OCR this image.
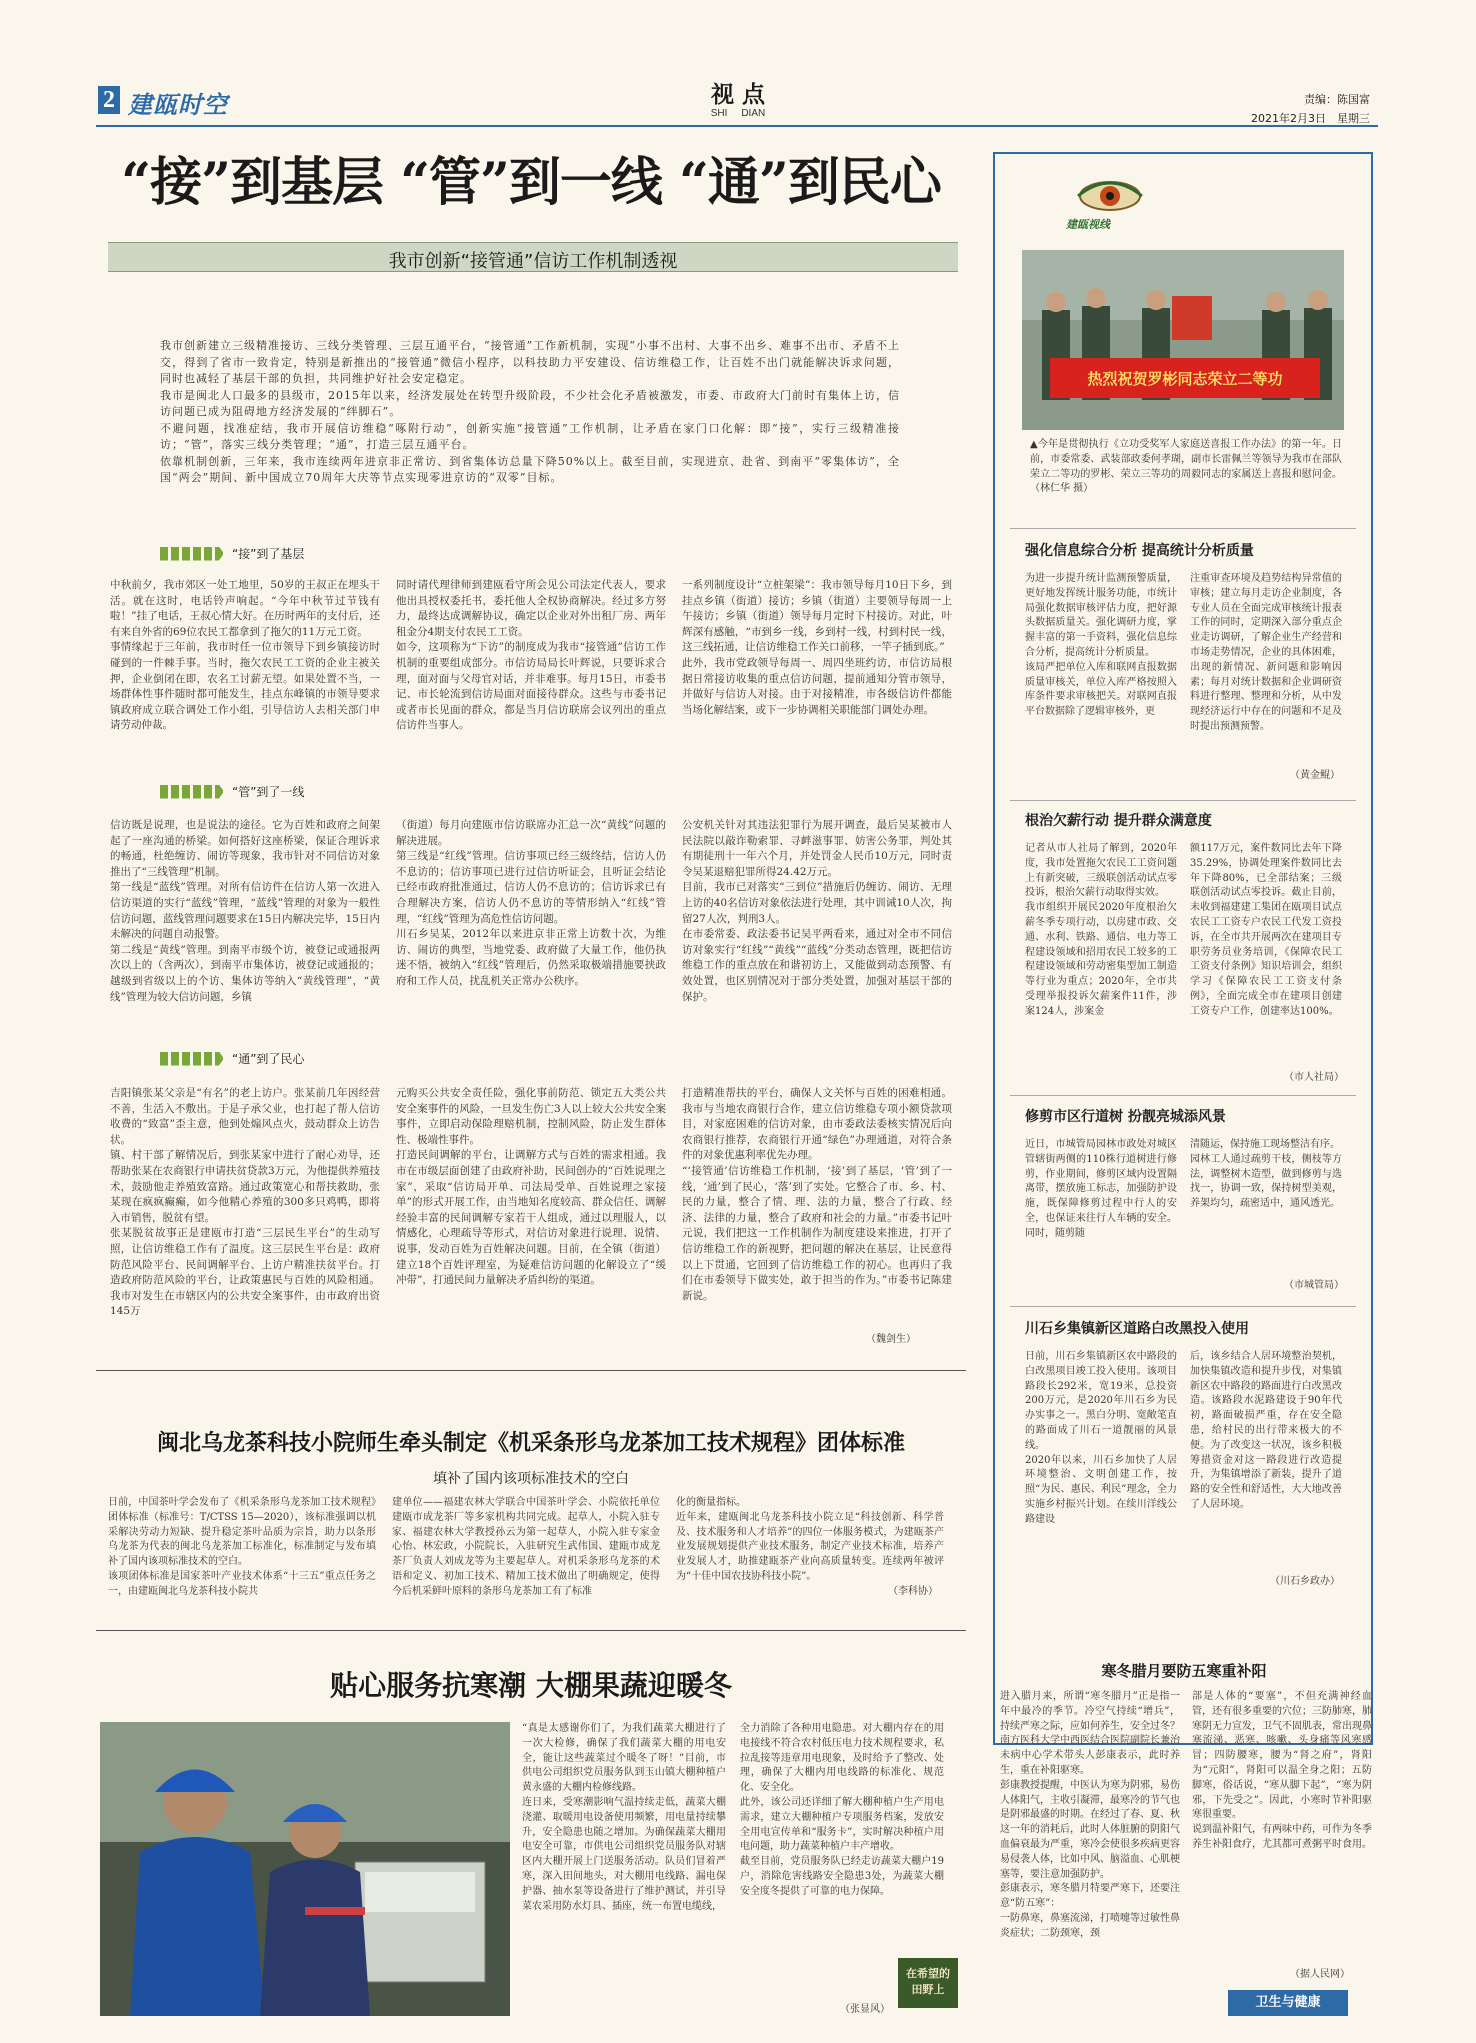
2 建瓯时空	视 点
SHI     DIAN
责编：陈国富
2021年2月3日　星期三
“接”到基层 “管”到一线 “通”到民心
我市创新“接管通”信访工作机制透视
我市创新建立三级精准接访、三线分类管理、三层互通平台，“接管通”工作新机制，实现“小事不出村、大事不出乡、难事不出市、矛盾不上交，得到了省市一致肯定，特别是新推出的“接管通”微信小程序，以科技助力平安建设、信访维稳工作，让百姓不出门就能解决诉求问题，同时也减轻了基层干部的负担，共同维护好社会安定稳定。
我市是闽北人口最多的县级市，2015年以来，经济发展处在转型升级阶段，不少社会化矛盾被激发，市委、市政府大门前时有集体上访，信访问题已成为阻碍地方经济发展的“绊脚石”。
不避问题，找准症结，我市开展信访维稳“啄附行动”，创新实施“接管通”工作机制，让矛盾在家门口化解：即“接”，实行三级精准接访；“管”，落实三线分类管理；“通”，打造三层互通平台。
依靠机制创新，三年来，我市连续两年进京非正常访、到省集体访总量下降50%以上。截至目前，实现进京、赴省、到南平“零集体访”，全国“两会”期间、新中国成立70周年大庆等节点实现零进京访的“双零”目标。
“接”到了基层
中秋前夕，我市郊区一处工地里，50岁的王叔正在埋头干活。就在这时，电话铃声响起。“今年中秋节过节钱有啦！”挂了电话，王叔心情大好。在历时两年的支付后，还有来自外省的69位农民工都拿到了拖欠的11万元工资。
事情缘起于三年前，我市时任一位市领导下到乡镇接访时碰到的一件棘手事。当时，拖欠农民工工资的企业主被关押，企业倒闭在即，农名工讨薪无望。如果处置不当，一场群体性事件随时都可能发生，挂点东峰镇的市领导要求镇政府成立联合调处工作小组，引导信访人去相关部门申请劳动仲裁。
同时请代理律师到建瓯看守所会见公司法定代表人，要求他出具授权委托书，委托他人全权协商解决。经过多方努力，最终达成调解协议，确定以企业对外出租厂房、两年租金分4期支付农民工工资。
如今，这项称为“下访”的制度成为我市“接管通”信访工作机制的重要组成部分。市信访局局长叶辉说，只要诉求合理，面对面与父母官对话，并非难事。每月15日，市委书记、市长轮流到信访局面对面接待群众。这些与市委书记或者市长见面的群众，都是当月信访联席会议列出的重点信访件当事人。
一系列制度设计“立桩架梁”：我市领导每月10日下乡，到挂点乡镇（街道）接访；乡镇（街道）主要领导每周一上午接访；乡镇（街道）领导每月定时下村接访。对此，叶辉深有感触，“市到乡一线，乡到村一线，村到村民一线，这三线拓通，让信访维稳工作关口前移，一竿子插到底。”
此外，我市党政领导每周一、周四坐班约访，市信访局根据日常接访收集的重点信访问题，提前通知分管市领导，并做好与信访人对接。由于对接精准，市各级信访件都能当场化解结案，或下一步协调相关职能部门调处办理。
“管”到了一线
信访既是说理，也是说法的途径。它为百姓和政府之间架起了一座沟通的桥梁。如何搭好这座桥梁，保证合理诉求的畅通，杜绝缠访、闹访等现象，我市针对不同信访对象推出了“三线管理”机制。
第一线是“蓝线”管理。对所有信访件在信访人第一次进入信访渠道的实行“蓝线”管理，“蓝线”管理的对象为一般性信访问题，蓝线管理问题要求在15日内解决完毕，15日内未解决的问题自动报警。
第二线是“黄线”管理。到南平市级个访，被登记或通报两次以上的（含两次），到南平市集体访，被登记或通报的；越级到省级以上的个访、集体访等纳入“黄线管理”，“黄线”管理为较大信访问题，乡镇
（街道）每月向建瓯市信访联席办汇总一次“黄线”问题的解决进展。
第三线是“红线”管理。信访事项已经三级终结，信访人仍不息访的；信访事项已进行过信访听证会，且听证会结论已经市政府批准通过，信访人仍不息访的；信访诉求已有合理解决方案，信访人仍不息访的等情形纳入“红线”管理，“红线”管理为高危性信访问题。
川石乡吴某，2012年以来进京非正常上访数十次，为维访、闹访的典型，当地党委、政府做了大量工作，他仍执迷不悟，被纳入“红线”管理后，仍然采取极端措施要挟政府和工作人员，扰乱机关正常办公秩序。
公安机关针对其违法犯罪行为展开调查，最后吴某被市人民法院以敲诈勒索罪、寻衅滋事罪、妨害公务罪，判处其有期徒刑十一年六个月，并处罚金人民币10万元，同时责令吴某退赔犯罪所得24.42万元。
目前，我市已对落实“三到位”措施后仍缠访、闹访、无理上访的40名信访对象依法进行处理，其中训诫10人次，拘留27人次，判刑3人。
在市委常委、政法委书记吴平两看来，通过对全市不同信访对象实行“红线”“黄线”“蓝线”分类动态管理，既把信访维稳工作的重点放在和谐初访上，又能做到动态预警、有效处置，也区别情况对于部分类处置，加强对基层干部的保护。
“通”到了民心
吉阳镇张某父亲是“有名”的老上访户。张某前几年因经营不善，生活入不敷出。于是子承父业，也打起了帮人信访收费的“致富”歪主意，他到处煽风点火，鼓动群众上访告状。
镇、村干部了解情况后，到张某家中进行了耐心劝导，还帮助张某在农商银行申请扶贫贷款3万元，为他提供养殖技术，鼓励他走养殖致富路。通过政策宽心和帮扶救助，张某现在疯疯癫癫，如今他精心养殖的300多只鸡鸭，即将入市销售，脱贫有望。
张某脱贫故事正是建瓯市打造“三层民生平台”的生动写照，让信访维稳工作有了温度。这三层民生平台是：政府防范风险平台、民间调解平台、上访户精准扶贫平台。打造政府防范风险的平台，让政策惠民与百姓的风险相通。我市对发生在市辖区内的公共安全案事件，由市政府出资145万
元购买公共安全责任险，强化事前防范、锁定五大类公共安全案事件的风险，一旦发生伤亡3人以上较大公共安全案事件，立即启动保险理赔机制，控制风险，防止发生群体性、极端性事件。
打造民间调解的平台，让调解方式与百姓的需求相通。我市在市级层面创建了由政府补助，民间创办的“百姓说理之家”，采取“信访局开单、司法局受单、百姓说理之家接单”的形式开展工作，由当地知名度较高、群众信任、调解经验丰富的民间调解专家若干人组成，通过以理服人，以情感化，心理疏导等形式，对信访对象进行说理、说情、说事，发动百姓为百姓解决问题。目前，在全镇（街道）建立18个百姓评理室，为疑难信访问题的化解设立了“缓冲带”，打通民间力量解决矛盾纠纷的渠道。
打造精准帮扶的平台，确保人文关怀与百姓的困难相通。我市与当地农商银行合作，建立信访维稳专项小额贷款项目，对家庭困难的信访对象，由市委政法委核实情况后向农商银行推荐，农商银行开通“绿色”办理通道，对符合条件的对象优惠利率优先办理。
“‘接管通’信访维稳工作机制，‘接’到了基层，‘管’到了一线，‘通’到了民心，‘落’到了实处。它整合了市、乡、村、民的力量，整合了情、理、法的力量，整合了行政、经济、法律的力量，整合了政府和社会的力量。”市委书记叶元说，我们把这一工作机制作为制度建设来推进，打开了信访维稳工作的新视野，把问题的解决在基层，让民意得以上下贯通，它回到了信访维稳工作的初心。也再归了我们在市委领导下做实处，敢于担当的作为。”市委书记陈建新说。
（魏剑生）
闽北乌龙茶科技小院师生牵头制定《机采条形乌龙茶加工技术规程》团体标准
填补了国内该项标准技术的空白
日前，中国茶叶学会发布了《机采条形乌龙茶加工技术规程》团体标准（标准号：T/CTSS 15—2020），该标准强调以机采解决劳动力短缺、提升稳定茶叶品质为宗旨，助力以条形乌龙茶为代表的闽北乌龙茶加工标准化，标准制定与发布填补了国内该项标准技术的空白。
该项团体标准是国家茶叶产业技术体系“十三五”重点任务之一，由建瓯闽北乌龙茶科技小院共
建单位——福建农林大学联合中国茶叶学会、小院依托单位建瓯市成龙茶厂等多家机构共同完成。起草人，小院入驻专家、福建农林大学教授孙云为第一起草人，小院入驻专家金心怡、林宏政，小院院长，入驻研究生武伟国、建瓯市成龙茶厂负责人刘成龙等为主要起草人。对机采条形乌龙茶的术语和定义、初加工技术、精加工技术做出了明确规定，使得今后机采鲜叶原料的条形乌龙茶加工有了标准
化的衡量指标。
近年来，建瓯闽北乌龙茶科技小院立足“科技创新、科学普及、技术服务和人才培养”的四位一体服务模式，为建瓯茶产业发展规划提供产业技术服务，制定产业技术标准，培养产业发展人才，助推建瓯茶产业向高质量转变。连续两年被评为“十佳中国农技协科技小院”。
（李科协）
贴心服务抗寒潮 大棚果蔬迎暖冬
“真是太感谢你们了，为我们蔬菜大棚进行了一次大检修，确保了我们蔬菜大棚的用电安全，能让这些蔬菜过个暖冬了呀！”目前，市供电公司组织党员服务队到玉山镇大棚种植户黄永盛的大棚内检修线路。
连日来，受寒潮影响气温持续走低，蔬菜大棚浇灌、取暖用电设备使用频繁，用电量持续攀升，安全隐患也随之增加。为确保蔬菜大棚用电安全可靠，市供电公司组织党员服务队对辖区内大棚开展上门送服务活动。队员们冒着严寒，深入田间地头，对大棚用电线路、漏电保护器、抽水泵等设备进行了维护测试，并引导菜农采用防水灯具、插座，统一布置电缆线，
全力消除了各种用电隐患。对大棚内存在的用电接线不符合农村低压电力技术规程要求，私拉乱接等违章用电现象，及时给予了整改、处理，确保了大棚内用电线路的标准化、规范化、安全化。
此外，该公司还详细了解大棚种植户生产用电需求，建立大棚种植户专项服务档案，发放安全用电宣传单和“服务卡”，实时解决种植户用电问题，助力蔬菜种植户丰产增收。
截至目前，党员服务队已经走访蔬菜大棚户19户，消除危害线路安全隐患3处，为蔬菜大棚安全度冬提供了可靠的电力保障。
（张显风）
在希望的
田野上
建瓯视线
热烈祝贺罗彬同志荣立二等功
▲今年是贯彻执行《立功受奖军人家庭送喜报工作办法》的第一年。日前，市委常委、武装部政委何孝瑚，副市长雷佩兰等领导为我市在部队荣立二等功的罗彬、荣立三等功的周毅同志的家属送上喜报和慰问金。 （林仁华 摄）
强化信息综合分析 提高统计分析质量
为进一步提升统计监测预警质量，更好地发挥统计服务功能，市统计局强化数据审核评估力度，把好源头数据质量关。强化调研力度，掌握丰富的第一手资料，强化信息综合分析，提高统计分析质量。
该局严把单位入库和联网直报数据质量审核关，单位入库严格按照入库条件要求审核把关。对联网直报平台数据除了逻辑审核外，更
注重审查环境及趋势结构异常值的审核；建立每月走访企业制度，各专业人员在全面完成审核统计报表工作的同时，定期深入部分重点企业走访调研，了解企业生产经营和市场走势情况，企业的具体困难，出现的新情况、新问题和影响因素；每月对统计数据和企业调研资料进行整理、整理和分析，从中发现经济运行中存在的问题和不足及时提出预测预警。
（黄金鲲）
根治欠薪行动 提升群众满意度
记者从市人社局了解到，2020年度，我市处置拖欠农民工工资问题上有新突破，三级联创活动试点零投诉，根治欠薪行动取得实效。
我市组织开展民2020年度根治欠薪冬季专项行动，以房建市政、交通、水利、铁路、通信、电力等工程建设领域和招用农民工较多的工程建设领域和劳动密集型加工制造等行业为重点；2020年，全市共受理举报投诉欠薪案件11件，涉案124人，涉案金
额117万元，案件数同比去年下降35.29%，协调处理案件数同比去年下降80%，已全部结案；三级联创活动试点零投诉。截止目前，未收到福建建工集团在瓯项目试点农民工工资专户农民工代发工资投诉，在全市共开展两次在建项目专职劳务员业务培训，《保障农民工工资支付条例》知识培训会，组织学习《保障农民工工资支付条例》，全面完成全市在建项目创建工资专户工作，创建率达100%。
（市人社局）
修剪市区行道树 扮靓亮城添风景
近日，市城管局园林市政处对城区管辖街两侧的110株行道树进行修剪，作业期间，修剪区域内设置隔离带，摆放施工标志，加强防护设施，既保障修剪过程中行人的安全，也保证来往行人车辆的安全。同时，随剪随
清随运，保持施工现场整洁有序。
园林工人通过疏剪干枝，侧枝等方法，调整树木造型，做到修剪与选找一，协调一致，保持树型美观，养架均匀，疏密适中，通风透光。
（市城管局）
川石乡集镇新区道路白改黑投入使用
日前，川石乡集镇新区农中路段的白改黑项目竣工投入使用。该项目路段长292米，宽19米，总投资200万元，是2020年川石乡为民办实事之一。黑白分明、宽敞笔直的路面成了川石一道靓丽的风景线。
2020年以来，川石乡加快了人居环境整治、文明创建工作，按照“为民、惠民、利民”理念，全力实施乡村振兴计划。在续川洋线公路建设
后，该乡结合人居环境整治契机，加快集镇改造和提升步伐，对集镇新区农中路段的路面进行白改黑改造。该路段水泥路建设于90年代初，路面破损严重，存在安全隐患，给村民的出行带来极大的不便。为了改变这一状况，该乡积极筹措资金对这一路段进行改造提升，为集镇增添了新装，提升了道路的安全性和舒适性，大大地改善了人居环境。
（川石乡政办）
寒冬腊月要防五寒重补阳
进入腊月来，所谓“寒冬腊月”正是指一年中最冷的季节。冷空气持续“增兵”，持续严寒之际，应如何养生，安全过冬？南方医科大学中西医结合医院副院长兼治未病中心学术带头人彭康表示，此时养生，重在补阳驱寒。
彭康教授提醒，中医认为寒为阴邪，易伤人体阳气，主收引凝滞，最寒冷的节气也是阴邪最盛的时期。在经过了春、夏、秋这一年的消耗后，此时人体脏腑的阴阳气血偏衰最为严重，寒冷会使很多疾病更容易侵袭人体，比如中风、脑溢血、心肌梗塞等，要注意加强防护。
彭康表示，寒冬腊月特要严寒下，还要注意“防五寒”：
一防鼻寒，鼻塞流涕，打喷嚏等过敏性鼻炎症状；二防颈寒，颈
部是人体的“要塞”，不但充满神经血管，还有很多重要的穴位；三防肺寒，肺寒阴无力宣发，卫气不固肌表，常出现鼻塞流涕、恶寒、咳嗽、头身痛等风寒感冒；四防腰寒，腰为“肾之府”，肾阳为“元阳”，肾阳可以温全身之阳；五防脚寒，俗话说，“寒从脚下起”，“寒为阴邪，下先受之”。因此，小寒时节补阳驱寒很重要。
说到温补阳气，有两味中药，可作为冬季养生补阳食疗，尤其都可煮粥平时食用。
（据人民网）
卫生与健康
